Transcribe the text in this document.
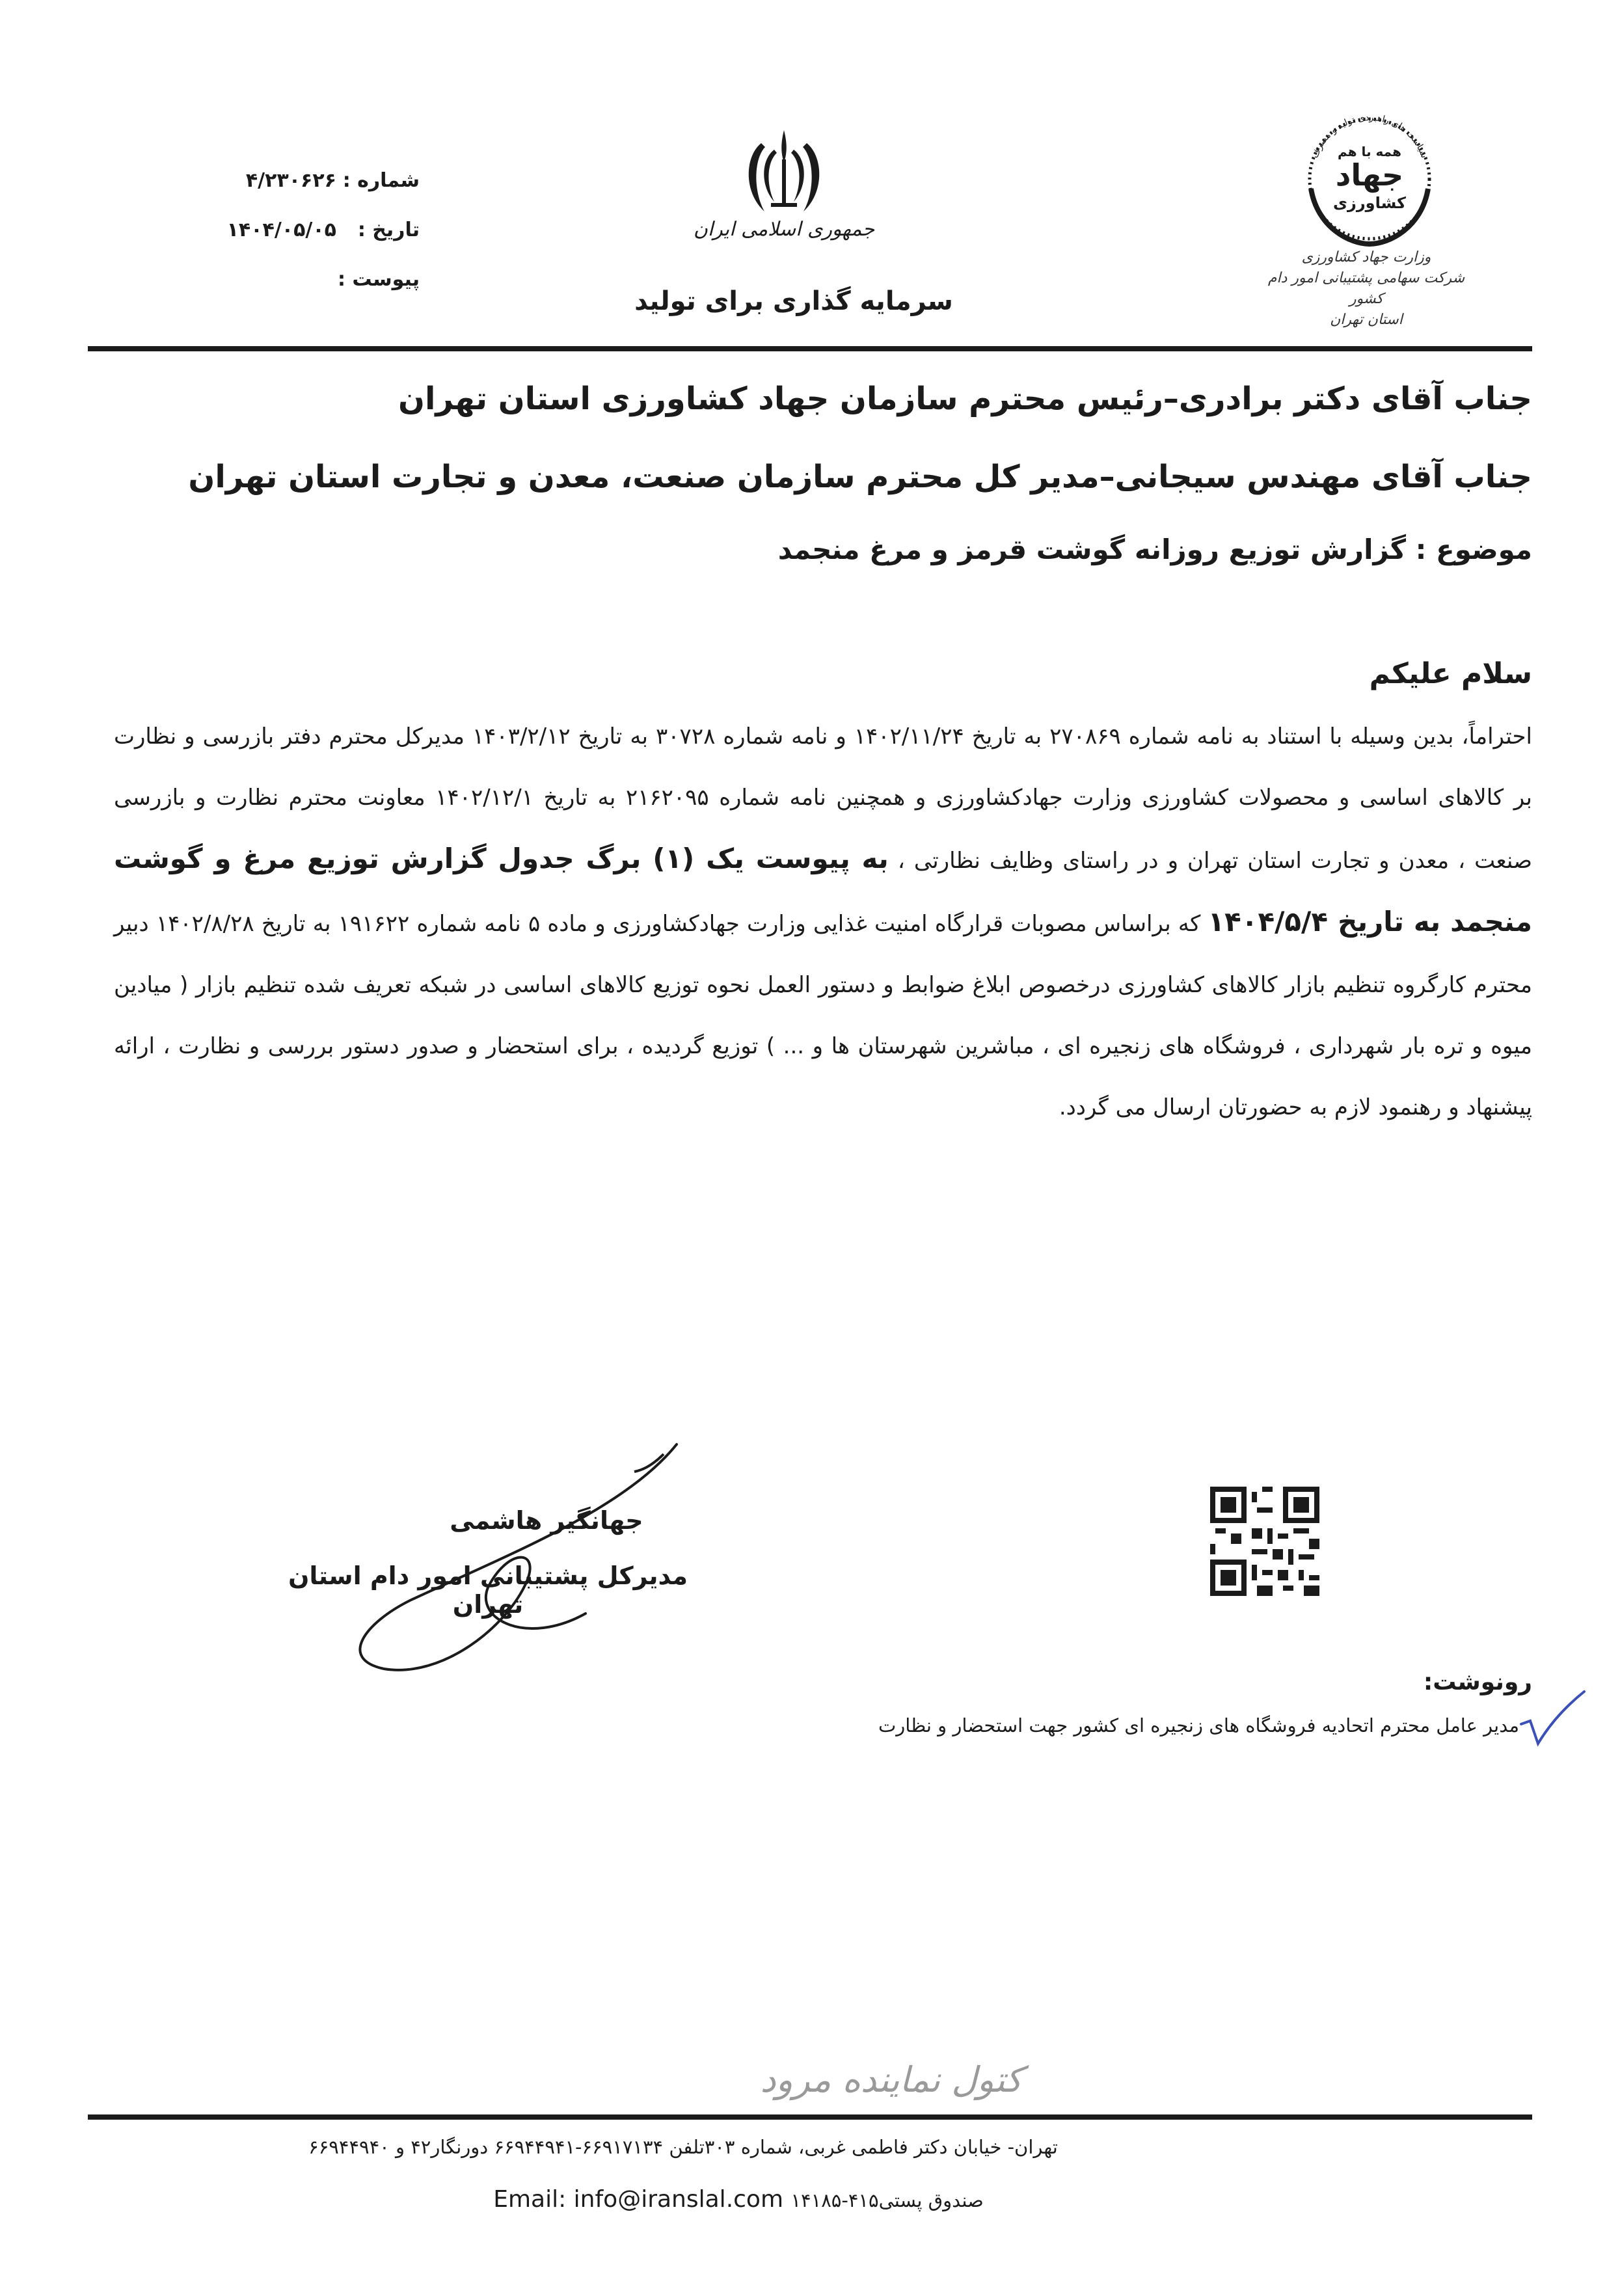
شماره :
۴/۲۳۰۶۲۶
تاریخ :
۱۴۰۴/۰۵/۰۵
پیوست :
جمهوری اسلامی ایران
سرمایه گذاری برای تولید
سیاست های راهبردی تولید و مصرف
همه با هم
جهاد
کشاورزی
وزارت جهاد کشاورزی
شرکت سهامی پشتیبانی امور دام کشور
استان تهران
جناب آقای دکتر برادری–رئیس محترم سازمان جهاد کشاورزی استان تهران
جناب آقای مهندس سیجانی–مدیر کل محترم سازمان صنعت، معدن و تجارت استان تهران
موضوع : گزارش توزیع روزانه گوشت قرمز و مرغ منجمد
سلام علیکم
احتراماً، بدین وسیله با استناد به نامه شماره ۲۷۰۸۶۹ به تاریخ ۱۴۰۲/۱۱/۲۴ و نامه شماره ۳۰۷۲۸ به تاریخ ۱۴۰۳/۲/۱۲ مدیرکل محترم دفتر بازرسی و نظارت بر کالاهای اساسی و محصولات کشاورزی وزارت جهادکشاورزی و همچنین نامه شماره ۲۱۶۲۰۹۵ به تاریخ ۱۴۰۲/۱۲/۱ معاونت محترم نظارت و بازرسی صنعت ، معدن و تجارت استان تهران و در راستای وظایف نظارتی ، به پیوست یک (۱) برگ جدول گزارش توزیع مرغ و گوشت منجمد به تاریخ ۱۴۰۴/۵/۴ که براساس مصوبات قرارگاه امنیت غذایی وزارت جهادکشاورزی و ماده ۵ نامه شماره ۱۹۱۶۲۲ به تاریخ ۱۴۰۲/۸/۲۸ دبیر محترم کارگروه تنظیم بازار کالاهای کشاورزی درخصوص ابلاغ ضوابط و دستور العمل نحوه توزیع کالاهای اساسی در شبکه تعریف شده تنظیم بازار ( میادین میوه و تره بار شهرداری ، فروشگاه های زنجیره ای ، مباشرین شهرستان ها و ... ) توزیع گردیده ، برای استحضار و صدور دستور بررسی و نظارت ، ارائه پیشنهاد و رهنمود لازم به حضورتان ارسال می گردد.
جهانگیر هاشمی
مدیرکل پشتیبانی امور دام استان تهران
رونوشت:
مدیر عامل محترم اتحادیه فروشگاه های زنجیره ای کشور جهت استحضار و نظارت
کتول نماینده مرود
تهران- خیابان دکتر فاطمی غربی، شماره ۳۰۳تلفن ۶۶۹۱۷۱۳۴-۶۶۹۴۴۹۴۱ دورنگار۴۲ و ۶۶۹۴۴۹۴۰
Email: info@iranslal.com صندوق پستی۴۱۵-۱۴۱۸۵
